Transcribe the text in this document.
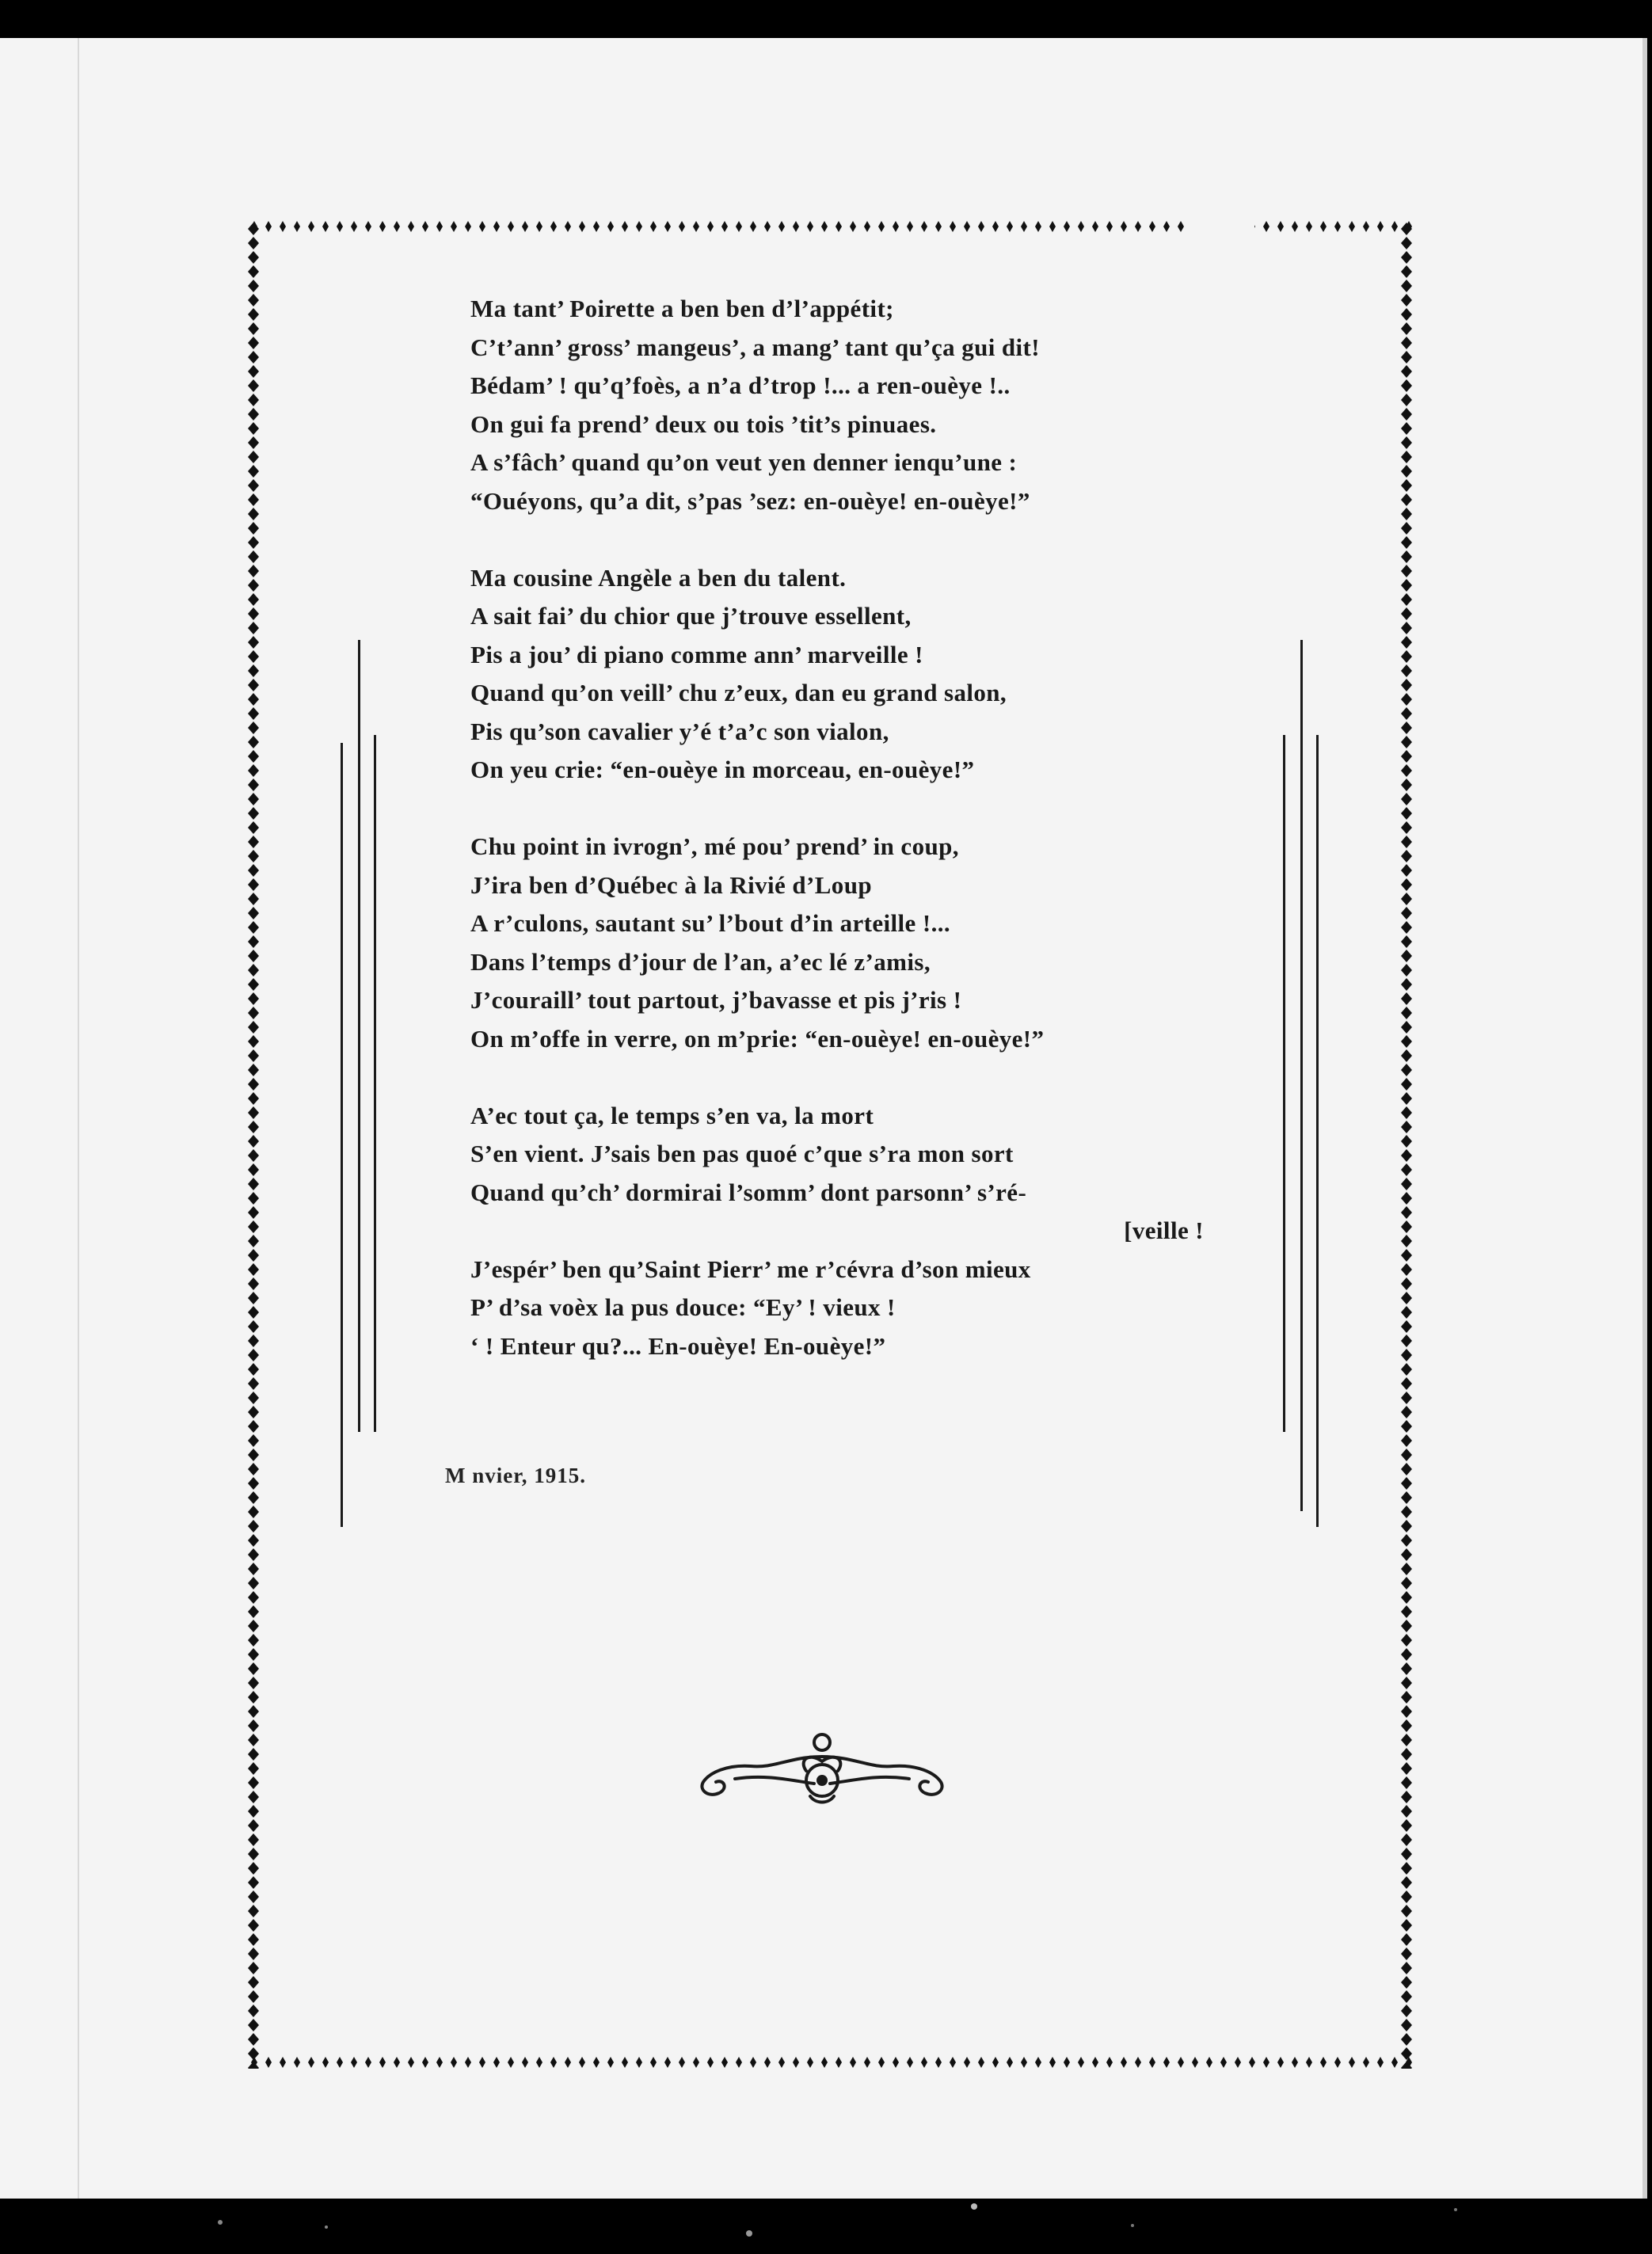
Ma tant’ Poirette a ben ben d’l’appétit;
C’t’ann’ gross’ mangeus’, a mang’ tant qu’ça gui dit!
Bédam’ ! qu’q’foès, a n’a d’trop !... a ren-ouèye !..
On gui fa prend’ deux ou tois ’tit’s pinuaes.
A s’fâch’ quand qu’on veut yen denner ienqu’une :
“Ouéyons, qu’a dit, s’pas ’sez: en-ouèye! en-ouèye!”
Ma cousine Angèle a ben du talent.
A sait fai’ du chior que j’trouve essellent,
Pis a jou’ di piano comme ann’ marveille !
Quand qu’on veill’ chu z’eux, dan eu grand salon,
Pis qu’son cavalier y’é t’a’c son vialon,
On yeu crie: “en-ouèye in morceau, en-ouèye!”
Chu point in ivrogn’, mé pou’ prend’ in coup,
J’ira ben d’Québec à la Rivié d’Loup
A r’culons, sautant su’ l’bout d’in arteille !...
Dans l’temps d’jour de l’an, a’ec lé z’amis,
J’couraill’ tout partout, j’bavasse et pis j’ris !
On m’offe in verre, on m’prie: “en-ouèye! en-ouèye!”
A’ec tout ça, le temps s’en va, la mort
S’en vient. J’sais ben pas quoé c’que s’ra mon sort
Quand qu’ch’ dormirai l’somm’ dont parsonn’ s’ré-
[veille !
J’espér’ ben qu’Saint Pierr’ me r’cévra d’son mieux
P’ d’sa voèx la pus douce: “Ey’ ! vieux !
‘ ! Enteur qu?... En-ouèye! En-ouèye!”
M nvier, 1915.
